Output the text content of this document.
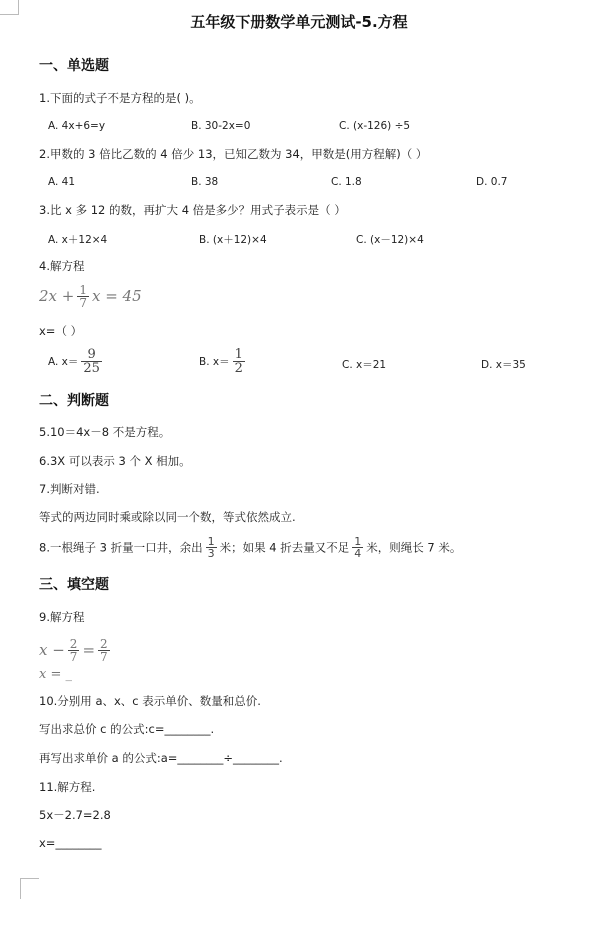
五年级下册数学单元测试-5.方程
一、单选题
1.下面的式子不是方程的是( )。
A. 4x+6=y	B. 30-2x=0	C. (x-126) ÷5
2.甲数的 3 倍比乙数的 4 倍少 13，已知乙数为 34，甲数是(用方程解)（ ）
A. 41	B. 38	C. 1.8	D. 0.7
3.比 x 多 12 的数，再扩大 4 倍是多少？用式子表示是（ ）
A. x＋12×4	B. (x＋12)×4	C. (x－12)×4
4.解方程
$2x + \frac{1}{7}$ x = 45
x=（ ）
A. $x= \frac{9}{25}$	B. $x= \frac{1}{2}$	C. x＝21	D. x＝35
二、判断题
5.10＝4x－8 不是方程。
6.3X 可以表示 3 个 X 相加。
7.判断对错.
等式的两边同时乘或除以同一个数，等式依然成立.
8.一根绳子 3 折量一口井，余出 $\frac{1}{3}$ 米；如果 4 折去量又不足 $\frac{1}{4}$ 米，则绳长 7 米。
三、填空题
9.解方程
$x - \frac{2}{7} = \frac{2}{7}$
x = _
10.分别用 a、x、c 表示单价、数量和总价.
写出求总价 c 的公式:c=________.
再写出求单价 a 的公式:a=________÷________.
11.解方程.
5x－2.7=2.8
x=________
